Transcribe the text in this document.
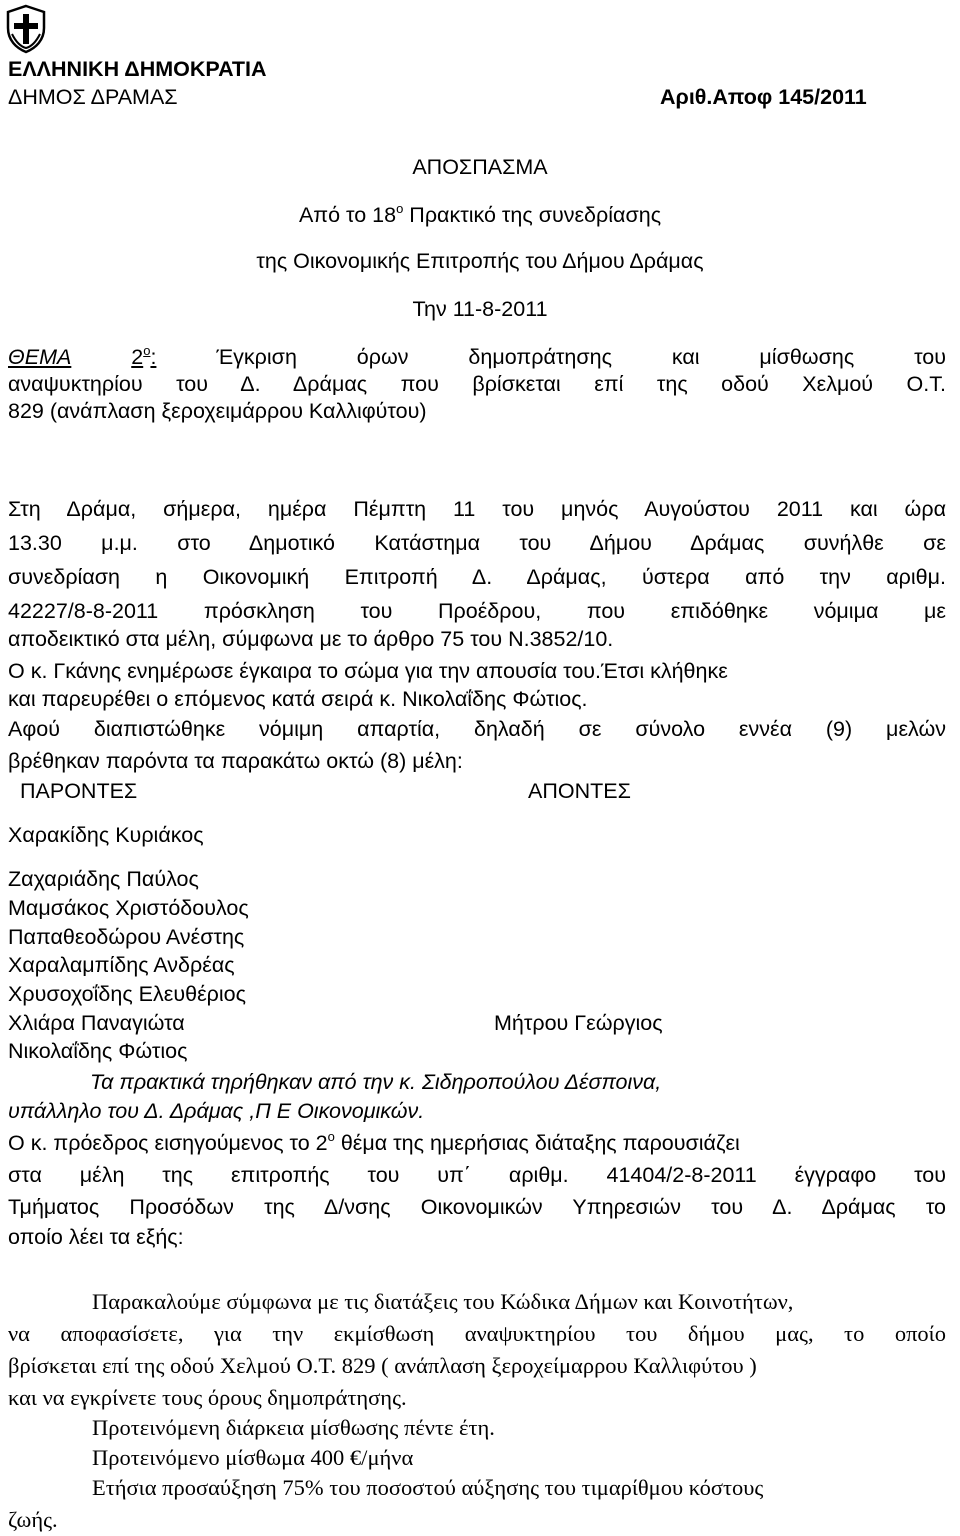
ΕΛΛΗΝΙΚΗ ΔΗΜΟΚΡΑΤΙΑ
ΔΗΜΟΣ ΔΡΑΜΑΣ	Αριθ.Αποφ 145/2011
ΑΠΟΣΠΑΣΜΑ
Από το $18^o$ Πρακτικό της συνεδρίασης
της Οικονομικής Επιτροπής του Δήμου Δράμας
Την 11-8-2011
ΘΕΜΑ	$2^o$: Έγκριση όρων δημοπράτησης και μίσθωσης του
αναψυκτηρίου του Δ. Δράμας που βρίσκεται επί της οδού Χελμού Ο.Τ.
829 (ανάπλαση ξεροχειμάρρου Καλλιφύτου)
Στη Δράμα, σήμερα, ημέρα Πέμπτη 11 του μηνός Αυγούστου 2011 και ώρα
13.30 μ.μ. στο Δημοτικό Κατάστημα του Δήμου Δράμας συνήλθε σε
συνεδρίαση η Οικονομική Επιτροπή Δ. Δράμας, ύστερα από την αριθμ.
42227/8-8-2011 πρόσκληση του Προέδρου, που επιδόθηκε νόμιμα με
αποδεικτικό στα μέλη, σύμφωνα με το άρθρο 75 του Ν.3852/10.
Ο κ. Γκάνης ενημέρωσε έγκαιρα το σώμα για την απουσία του.Έτσι κλήθηκε
και παρευρέθει ο επόμενος κατά σειρά κ. Νικολαΐδης Φώτιος.
Αφού διαπιστώθηκε νόμιμη απαρτία, δηλαδή σε σύνολο εννέα (9) μελών
βρέθηκαν παρόντα τα παρακάτω οκτώ (8) μέλη:
ΠΑΡΟΝΤΕΣ	ΑΠΟΝΤΕΣ
Χαρακίδης Κυριάκος
Ζαχαριάδης Παύλος
Μαμσάκος Χριστόδουλος
Παπαθεοδώρου Ανέστης
Χαραλαμπίδης Ανδρέας
Χρυσοχοΐδης Ελευθέριος
Χλιάρα Παναγιώτα	Μήτρου Γεώργιος
Νικολαΐδης Φώτιος
Τα πρακτικά τηρήθηκαν από την κ. Σιδηροπούλου Δέσποινα,
υπάλληλο του Δ. Δράμας ,Π Ε Οικονομικών.
Ο κ. πρόεδρος εισηγούμενος το $2^o$ θέμα της ημερήσιας διάταξης παρουσιάζει
στα μέλη της επιτροπής του υπ΄ αριθμ. 41404/2-8-2011 έγγραφο του
Τμήματος Προσόδων της Δ/νσης Οικονομικών Υπηρεσιών του Δ. Δράμας το
οποίο λέει τα εξής:
Παρακαλούμε σύμφωνα με τις διατάξεις του Κώδικα Δήμων και Κοινοτήτων,
να αποφασίσετε, για την εκμίσθωση αναψυκτηρίου του δήμου μας, το οποίο
βρίσκεται επί της οδού Χελμού Ο.Τ. 829 ( ανάπλαση ξεροχείμαρρου Καλλιφύτου )
και να εγκρίνετε τους όρους δημοπράτησης.
Προτεινόμενη διάρκεια μίσθωσης πέντε έτη.
Προτεινόμενο μίσθωμα 400 €/μήνα
Ετήσια προσαύξηση 75% του ποσοστού αύξησης του τιμαρίθμου κόστους
ζωής.
